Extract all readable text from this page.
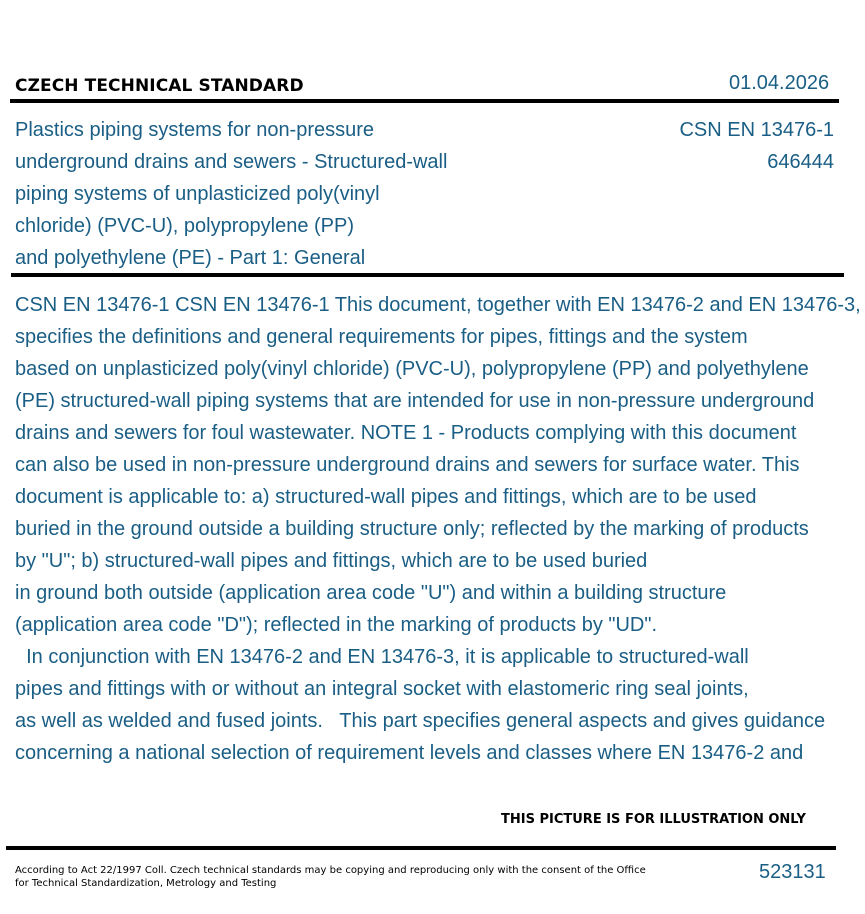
CZECH TECHNICAL STANDARD	01.04.2026
Plastics piping systems for non-pressure
underground drains and sewers - Structured-wall
piping systems of unplasticized poly(vinyl
chloride) (PVC-U), polypropylene (PP)
and polyethylene (PE) - Part 1: General
CSN EN 13476-1
646444
CSN EN 13476-1 CSN EN 13476-1 This document, together with EN 13476-2 and EN 13476-3,
specifies the definitions and general requirements for pipes, fittings and the system
based on unplasticized poly(vinyl chloride) (PVC-U), polypropylene (PP) and polyethylene
(PE) structured-wall piping systems that are intended for use in non-pressure underground
drains and sewers for foul wastewater. NOTE 1 - Products complying with this document
can also be used in non-pressure underground drains and sewers for surface water. This
document is applicable to: a) structured-wall pipes and fittings, which are to be used
buried in the ground outside a building structure only; reflected by the marking of products
by "U"; b) structured-wall pipes and fittings, which are to be used buried
in ground both outside (application area code "U") and within a building structure
(application area code "D"); reflected in the marking of products by "UD".
In conjunction with EN 13476-2 and EN 13476-3, it is applicable to structured-wall
pipes and fittings with or without an integral socket with elastomeric ring seal joints,
as well as welded and fused joints.   This part specifies general aspects and gives guidance
concerning a national selection of requirement levels and classes where EN 13476-2 and
THIS PICTURE IS FOR ILLUSTRATION ONLY
According to Act 22/1997 Coll. Czech technical standards may be copying and reproducing only with the consent of the Office
for Technical Standardization, Metrology and Testing
523131
